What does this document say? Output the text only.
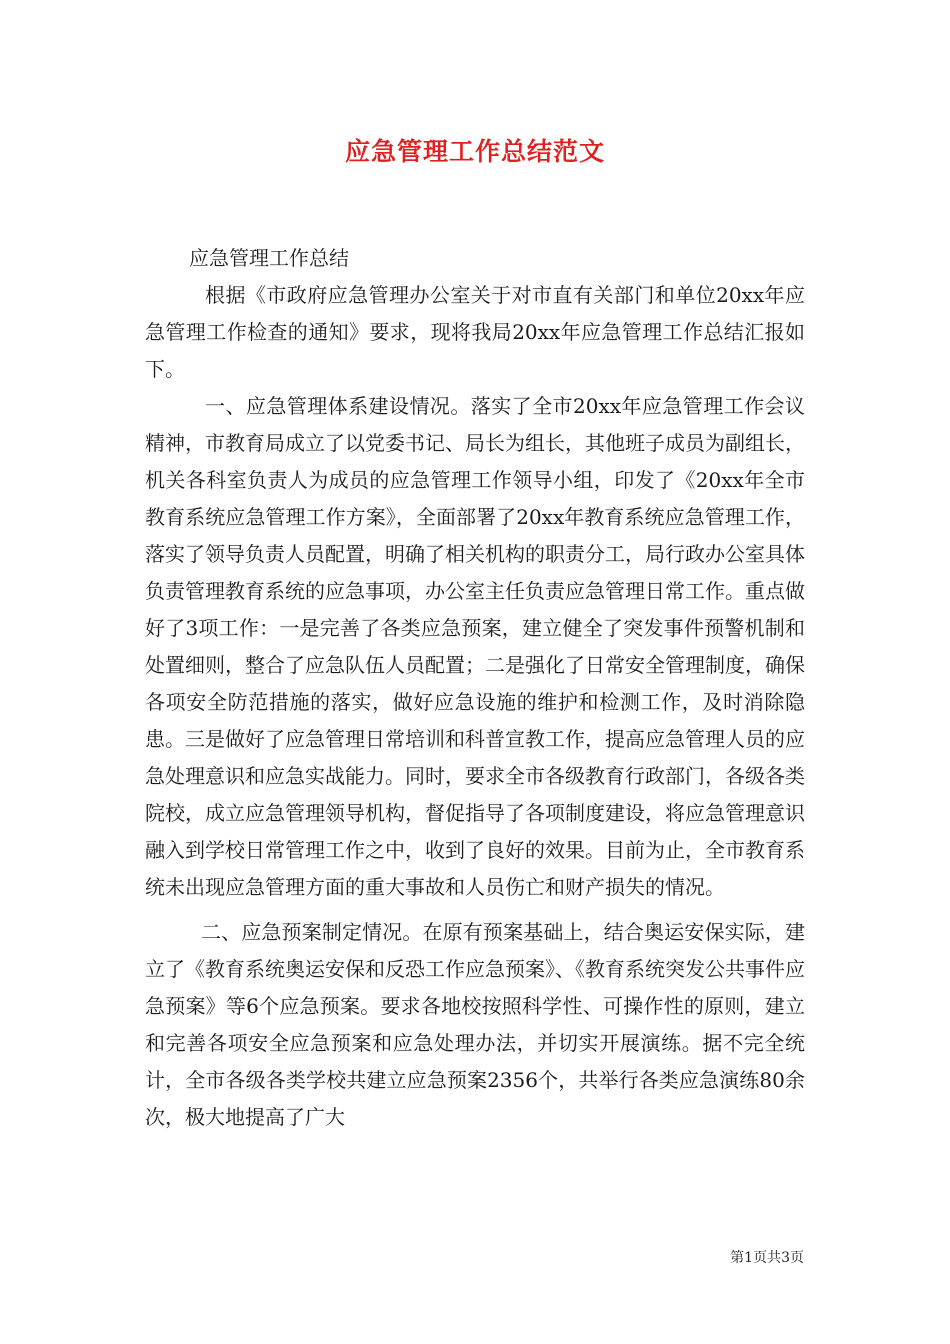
应急管理工作总结范文

应急管理工作总结

根据《市政府应急管理办公室关于对市直有关部门和单位20xx年应急管理工作检查的通知》要求，现将我局20xx年应急管理工作总结汇报如下。

一、应急管理体系建设情况。落实了全市20xx年应急管理工作会议精神，市教育局成立了以党委书记、局长为组长，其他班子成员为副组长，机关各科室负责人为成员的应急管理工作领导小组，印发了《20xx年全市教育系统应急管理工作方案》，全面部署了20xx年教育系统应急管理工作，落实了领导负责人员配置，明确了相关机构的职责分工，局行政办公室具体负责管理教育系统的应急事项，办公室主任负责应急管理日常工作。重点做好了3项工作：一是完善了各类应急预案，建立健全了突发事件预警机制和处置细则，整合了应急队伍人员配置；二是强化了日常安全管理制度，确保各项安全防范措施的落实，做好应急设施的维护和检测工作，及时消除隐患。三是做好了应急管理日常培训和科普宣教工作，提高应急管理人员的应急处理意识和应急实战能力。同时，要求全市各级教育行政部门，各级各类院校，成立应急管理领导机构，督促指导了各项制度建设，将应急管理意识融入到学校日常管理工作之中，收到了良好的效果。目前为止，全市教育系统未出现应急管理方面的重大事故和人员伤亡和财产损失的情况。

二、应急预案制定情况。在原有预案基础上，结合奥运安保实际，建立了《教育系统奥运安保和反恐工作应急预案》、《教育系统突发公共事件应急预案》等6个应急预案。要求各地校按照科学性、可操作性的原则，建立和完善各项安全应急预案和应急处理办法，并切实开展演练。据不完全统计，全市各级各类学校共建立应急预案2356个，共举行各类应急演练80余次，极大地提高了广大

第1页共3页
